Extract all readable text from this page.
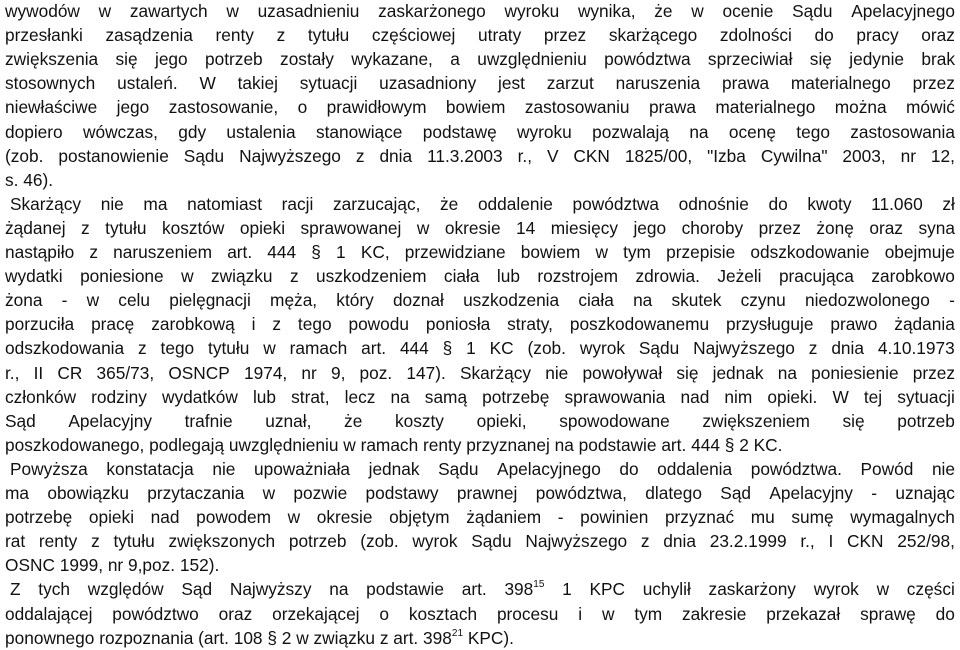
wywodów w zawartych w uzasadnieniu zaskarżonego wyroku wynika, że w ocenie Sądu Apelacyjnego
przesłanki zasądzenia renty z tytułu częściowej utraty przez skarżącego zdolności do pracy oraz
zwiększenia się jego potrzeb zostały wykazane, a uwzględnieniu powództwa sprzeciwiał się jedynie brak
stosownych ustaleń. W takiej sytuacji uzasadniony jest zarzut naruszenia prawa materialnego przez
niewłaściwe jego zastosowanie, o prawidłowym bowiem zastosowaniu prawa materialnego można mówić
dopiero wówczas, gdy ustalenia stanowiące podstawę wyroku pozwalają na ocenę tego zastosowania
(zob. postanowienie Sądu Najwyższego z dnia 11.3.2003 r., V CKN 1825/00, "Izba Cywilna" 2003, nr 12,
s. 46).
Skarżący nie ma natomiast racji zarzucając, że oddalenie powództwa odnośnie do kwoty 11.060 zł
żądanej z tytułu kosztów opieki sprawowanej w okresie 14 miesięcy jego choroby przez żonę oraz syna
nastąpiło z naruszeniem art. 444 § 1 KC, przewidziane bowiem w tym przepisie odszkodowanie obejmuje
wydatki poniesione w związku z uszkodzeniem ciała lub rozstrojem zdrowia. Jeżeli pracująca zarobkowo
żona - w celu pielęgnacji męża, który doznał uszkodzenia ciała na skutek czynu niedozwolonego -
porzuciła pracę zarobkową i z tego powodu poniosła straty, poszkodowanemu przysługuje prawo żądania
odszkodowania z tego tytułu w ramach art. 444 § 1 KC (zob. wyrok Sądu Najwyższego z dnia 4.10.1973
r., II CR 365/73, OSNCP 1974, nr 9, poz. 147). Skarżący nie powoływał się jednak na poniesienie przez
członków rodziny wydatków lub strat, lecz na samą potrzebę sprawowania nad nim opieki. W tej sytuacji
Sąd Apelacyjny trafnie uznał, że koszty opieki, spowodowane zwiększeniem się potrzeb
poszkodowanego, podlegają uwzględnieniu w ramach renty przyznanej na podstawie art. 444 § 2 KC.
Powyższa konstatacja nie upoważniała jednak Sądu Apelacyjnego do oddalenia powództwa. Powód nie
ma obowiązku przytaczania w pozwie podstawy prawnej powództwa, dlatego Sąd Apelacyjny - uznając
potrzebę opieki nad powodem w okresie objętym żądaniem - powinien przyznać mu sumę wymagalnych
rat renty z tytułu zwiększonych potrzeb (zob. wyrok Sądu Najwyższego z dnia 23.2.1999 r., I CKN 252/98,
OSNC 1999, nr 9,poz. 152).
Z tych względów Sąd Najwyższy na podstawie art. $398^{15}$ 1 KPC uchylił zaskarżony wyrok w części
oddalającej powództwo oraz orzekającej o kosztach procesu i w tym zakresie przekazał sprawę do
ponownego rozpoznania (art. 108 § 2 w związku z art. $398^{21}$ KPC).
